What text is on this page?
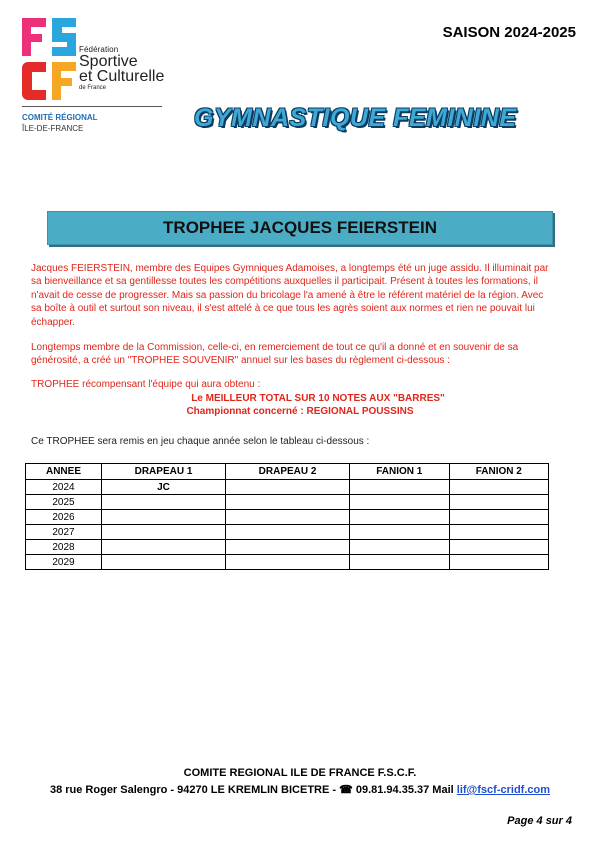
Fédération
Sportive
et Culturelle
de France
COMITÉ RÉGIONAL
ÎLE-DE-FRANCE
SAISON 2024-2025
GYMNASTIQUE FEMININE
TROPHEE JACQUES FEIERSTEIN

Jacques FEIERSTEIN, membre des Equipes Gymniques Adamoises, a longtemps été un juge assidu. Il illuminait par sa bienveillance et sa gentillesse toutes les compétitions auxquelles il participait. Présent à toutes les formations, il n'avait de cesse de progresser. Mais sa passion du bricolage l'a amené à être le référent matériel de la région. Avec sa boîte à outil et surtout son niveau, il s'est attelé à ce que tous les agrès soient aux normes et rien ne pouvait lui échapper.

Longtemps membre de la Commission, celle-ci, en remerciement de tout ce qu'il a donné et en souvenir de sa générosité, a créé un "TROPHEE SOUVENIR" annuel sur les bases du règlement ci-dessous :

TROPHEE récompensant l'équipe qui aura obtenu :

Le MEILLEUR TOTAL SUR 10 NOTES AUX "BARRES"
Championnat concerné : REGIONAL POUSSINS
Ce TROPHEE sera remis en jeu chaque année selon le tableau ci-dessous :
ANNEE	DRAPEAU 1	DRAPEAU 2	FANION 1	FANION 2
2024	JC			
2025				
2026				
2027				
2028				
2029				
COMITE REGIONAL ILE DE FRANCE F.S.C.F.
38 rue Roger Salengro - 94270 LE KREMLIN BICETRE - ☎ 09.81.94.35.37 Mail lif@fscf-cridf.com
Page 4 sur 4
